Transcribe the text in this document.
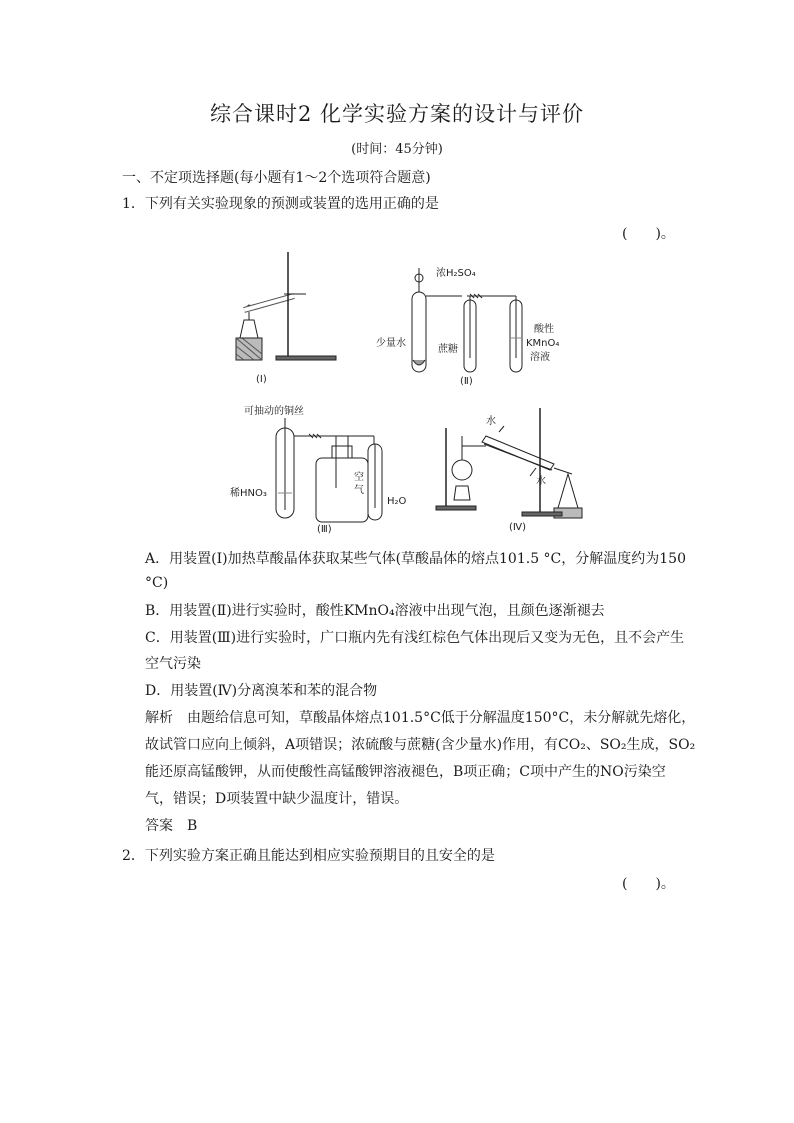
综合课时2 化学实验方案的设计与评价
(时间：45分钟)
一、不定项选择题(每小题有1～2个选项符合题意)
1．下列有关实验现象的预测或装置的选用正确的是
(　　)。
(Ⅰ)
浓H₂SO₄
少量水
蔗糖
酸性
KMnO₄
溶液
(Ⅱ)
可抽动的铜丝
稀HNO₃
空
气
H₂O
(Ⅲ)
水
水
(Ⅳ)
A．用装置(Ⅰ)加热草酸晶体获取某些气体(草酸晶体的熔点101.5 °C，分解温度约为150
°C)
B．用装置(Ⅱ)进行实验时，酸性KMnO₄溶液中出现气泡，且颜色逐渐褪去
C．用装置(Ⅲ)进行实验时，广口瓶内先有浅红棕色气体出现后又变为无色，且不会产生
空气污染
D．用装置(Ⅳ)分离溴苯和苯的混合物
解析　由题给信息可知，草酸晶体熔点101.5°C低于分解温度150°C，未分解就先熔化，
故试管口应向上倾斜，A项错误；浓硫酸与蔗糖(含少量水)作用，有CO₂、SO₂生成，SO₂
能还原高锰酸钾，从而使酸性高锰酸钾溶液褪色，B项正确；C项中产生的NO污染空
气，错误；D项装置中缺少温度计，错误。
答案　B
2．下列实验方案正确且能达到相应实验预期目的且安全的是
(　　)。
